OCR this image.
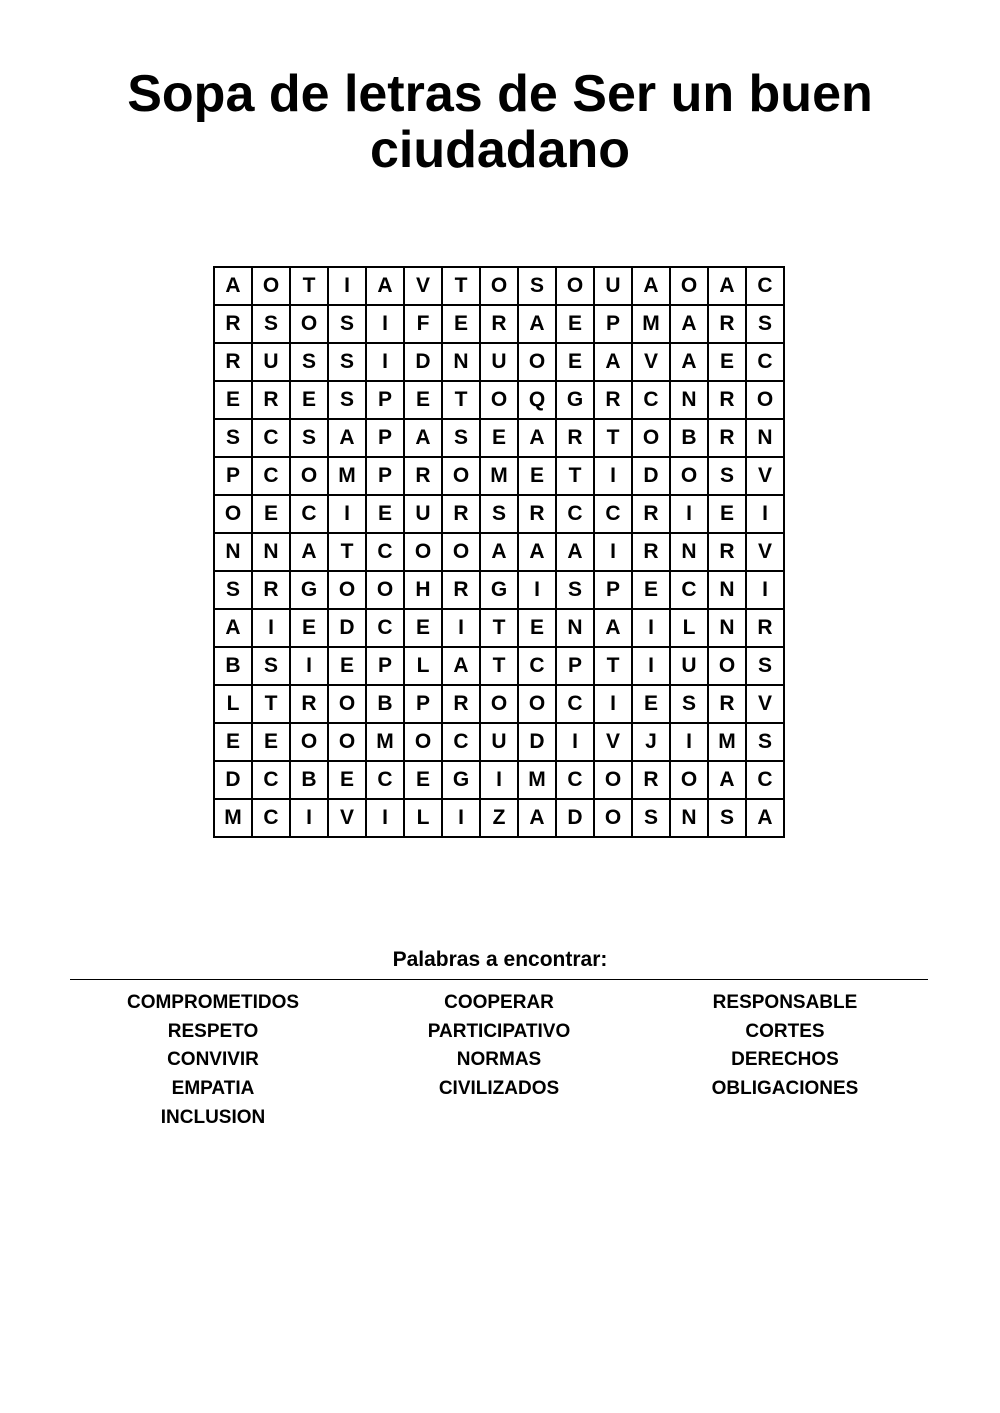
Sopa de letras de Ser un buen ciudadano
A	O	T	I	A	V	T	O	S	O	U	A	O	A	C
R	S	O	S	I	F	E	R	A	E	P	M	A	R	S
R	U	S	S	I	D	N	U	O	E	A	V	A	E	C
E	R	E	S	P	E	T	O	Q	G	R	C	N	R	O
S	C	S	A	P	A	S	E	A	R	T	O	B	R	N
P	C	O	M	P	R	O	M	E	T	I	D	O	S	V
O	E	C	I	E	U	R	S	R	C	C	R	I	E	I
N	N	A	T	C	O	O	A	A	A	I	R	N	R	V
S	R	G	O	O	H	R	G	I	S	P	E	C	N	I
A	I	E	D	C	E	I	T	E	N	A	I	L	N	R
B	S	I	E	P	L	A	T	C	P	T	I	U	O	S
L	T	R	O	B	P	R	O	O	C	I	E	S	R	V
E	E	O	O	M	O	C	U	D	I	V	J	I	M	S
D	C	B	E	C	E	G	I	M	C	O	R	O	A	C
M	C	I	V	I	L	I	Z	A	D	O	S	N	S	A
Palabras a encontrar:
COMPROMETIDOS	COOPERAR	RESPONSABLE
RESPETO	PARTICIPATIVO	CORTES
CONVIVIR	NORMAS	DERECHOS
EMPATIA	CIVILIZADOS	OBLIGACIONES
INCLUSION
